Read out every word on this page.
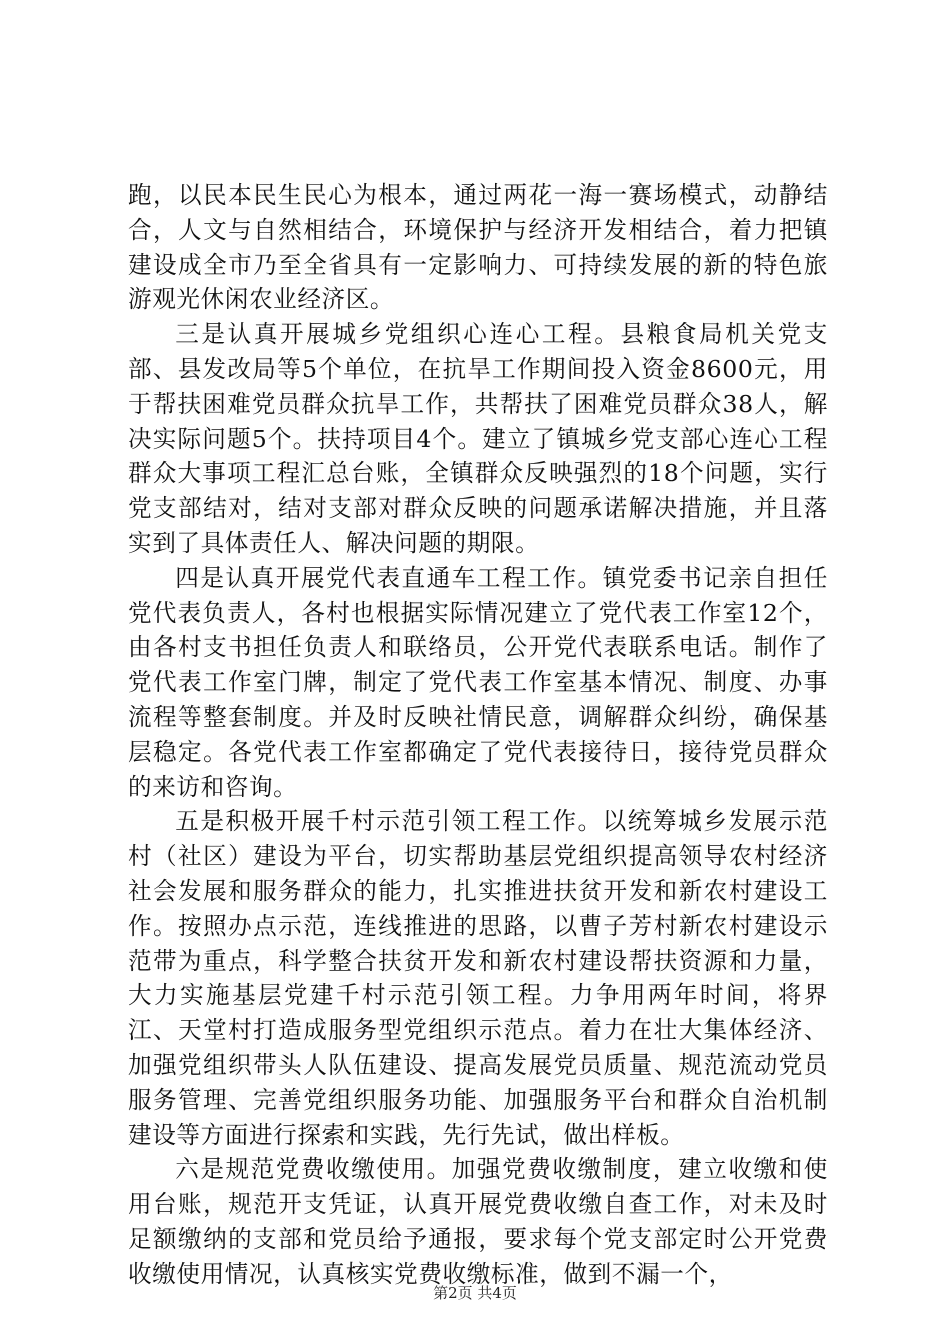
跑，以民本民生民心为根本，通过两花一海一赛场模式，动静结合，人文与自然相结合，环境保护与经济开发相结合，着力把镇建设成全市乃至全省具有一定影响力、可持续发展的新的特色旅游观光休闲农业经济区。

三是认真开展城乡党组织心连心工程。县粮食局机关党支部、县发改局等5个单位，在抗旱工作期间投入资金8600元，用于帮扶困难党员群众抗旱工作，共帮扶了困难党员群众38人，解决实际问题5个。扶持项目4个。建立了镇城乡党支部心连心工程群众大事项工程汇总台账，全镇群众反映强烈的18个问题，实行党支部结对，结对支部对群众反映的问题承诺解决措施，并且落实到了具体责任人、解决问题的期限。

四是认真开展党代表直通车工程工作。镇党委书记亲自担任党代表负责人，各村也根据实际情况建立了党代表工作室12个，由各村支书担任负责人和联络员，公开党代表联系电话。制作了党代表工作室门牌，制定了党代表工作室基本情况、制度、办事流程等整套制度。并及时反映社情民意，调解群众纠纷，确保基层稳定。各党代表工作室都确定了党代表接待日，接待党员群众的来访和咨询。

五是积极开展千村示范引领工程工作。以统筹城乡发展示范村（社区）建设为平台，切实帮助基层党组织提高领导农村经济社会发展和服务群众的能力，扎实推进扶贫开发和新农村建设工作。按照办点示范，连线推进的思路，以曹子芳村新农村建设示范带为重点，科学整合扶贫开发和新农村建设帮扶资源和力量，大力实施基层党建千村示范引领工程。力争用两年时间，将界江、天堂村打造成服务型党组织示范点。着力在壮大集体经济、加强党组织带头人队伍建设、提高发展党员质量、规范流动党员服务管理、完善党组织服务功能、加强服务平台和群众自治机制建设等方面进行探索和实践，先行先试，做出样板。

六是规范党费收缴使用。加强党费收缴制度，建立收缴和使用台账，规范开支凭证，认真开展党费收缴自查工作，对未及时足额缴纳的支部和党员给予通报，要求每个党支部定时公开党费收缴使用情况，认真核实党费收缴标准，做到不漏一个，

第2页 共4页
